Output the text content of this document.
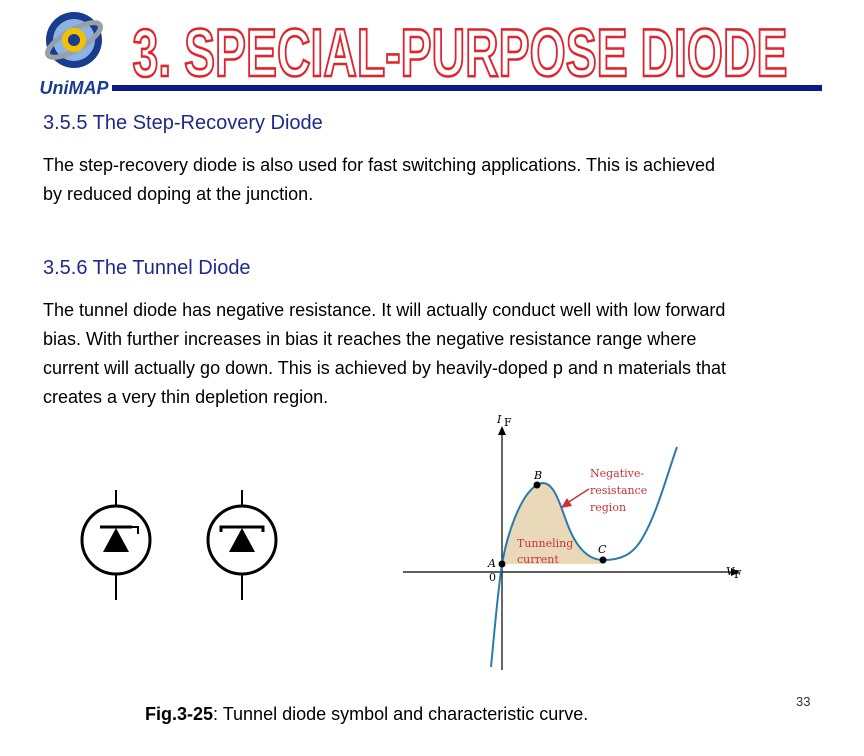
UniMAP 3. SPECIAL-PURPOSE DIODE
3.5.5 The Step-Recovery Diode
The step-recovery diode is also used for fast switching applications. This is achieved
by reduced doping at the junction.
3.5.6 The Tunnel Diode
The tunnel diode has negative resistance. It will actually conduct well with low forward
bias. With further increases in bias it reaches the negative resistance range where
current will actually go down. This is achieved by heavily-doped p and n materials that
creates a very thin depletion region.
I F
V F
0
A
B
C
Negative-
resistance
region
Tunneling
current
Fig.3-25: Tunnel diode symbol and characteristic curve.
33
